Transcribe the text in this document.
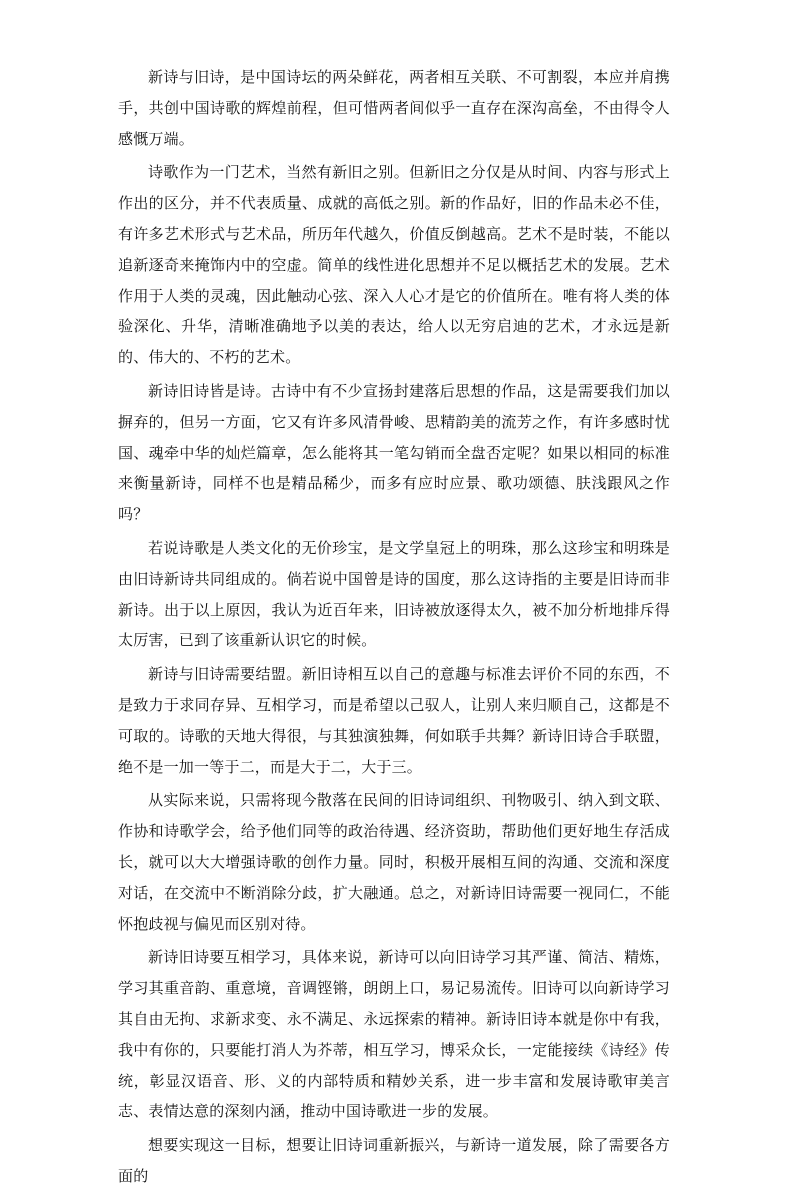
新诗与旧诗，是中国诗坛的两朵鲜花，两者相互关联、不可割裂，本应并肩携手，共创中国诗歌的辉煌前程，但可惜两者间似乎一直存在深沟高垒，不由得令人感慨万端。

诗歌作为一门艺术，当然有新旧之别。但新旧之分仅是从时间、内容与形式上作出的区分，并不代表质量、成就的高低之别。新的作品好，旧的作品未必不佳，有许多艺术形式与艺术品，所历年代越久，价值反倒越高。艺术不是时装，不能以追新逐奇来掩饰内中的空虚。简单的线性进化思想并不足以概括艺术的发展。艺术作用于人类的灵魂，因此触动心弦、深入人心才是它的价值所在。唯有将人类的体验深化、升华，清晰准确地予以美的表达，给人以无穷启迪的艺术，才永远是新的、伟大的、不朽的艺术。

新诗旧诗皆是诗。古诗中有不少宣扬封建落后思想的作品，这是需要我们加以摒弃的，但另一方面，它又有许多风清骨峻、思精韵美的流芳之作，有许多感时忧国、魂牵中华的灿烂篇章，怎么能将其一笔勾销而全盘否定呢？如果以相同的标准来衡量新诗，同样不也是精品稀少，而多有应时应景、歌功颂德、肤浅跟风之作吗？

若说诗歌是人类文化的无价珍宝，是文学皇冠上的明珠，那么这珍宝和明珠是由旧诗新诗共同组成的。倘若说中国曾是诗的国度，那么这诗指的主要是旧诗而非新诗。出于以上原因，我认为近百年来，旧诗被放逐得太久，被不加分析地排斥得太厉害，已到了该重新认识它的时候。

新诗与旧诗需要结盟。新旧诗相互以自己的意趣与标准去评价不同的东西，不是致力于求同存异、互相学习，而是希望以己驭人，让别人来归顺自己，这都是不可取的。诗歌的天地大得很，与其独演独舞，何如联手共舞？新诗旧诗合手联盟，绝不是一加一等于二，而是大于二，大于三。

从实际来说，只需将现今散落在民间的旧诗词组织、刊物吸引、纳入到文联、作协和诗歌学会，给予他们同等的政治待遇、经济资助，帮助他们更好地生存活成长，就可以大大增强诗歌的创作力量。同时，积极开展相互间的沟通、交流和深度对话，在交流中不断消除分歧，扩大融通。总之，对新诗旧诗需要一视同仁，不能怀抱歧视与偏见而区别对待。

新诗旧诗要互相学习，具体来说，新诗可以向旧诗学习其严谨、简洁、精炼，学习其重音韵、重意境，音调铿锵，朗朗上口，易记易流传。旧诗可以向新诗学习其自由无拘、求新求变、永不满足、永远探索的精神。新诗旧诗本就是你中有我，我中有你的，只要能打消人为芥蒂，相互学习，博采众长，一定能接续《诗经》传统，彰显汉语音、形、义的内部特质和精妙关系，进一步丰富和发展诗歌审美言志、表情达意的深刻内涵，推动中国诗歌进一步的发展。

想要实现这一目标，想要让旧诗词重新振兴，与新诗一道发展，除了需要各方面的
